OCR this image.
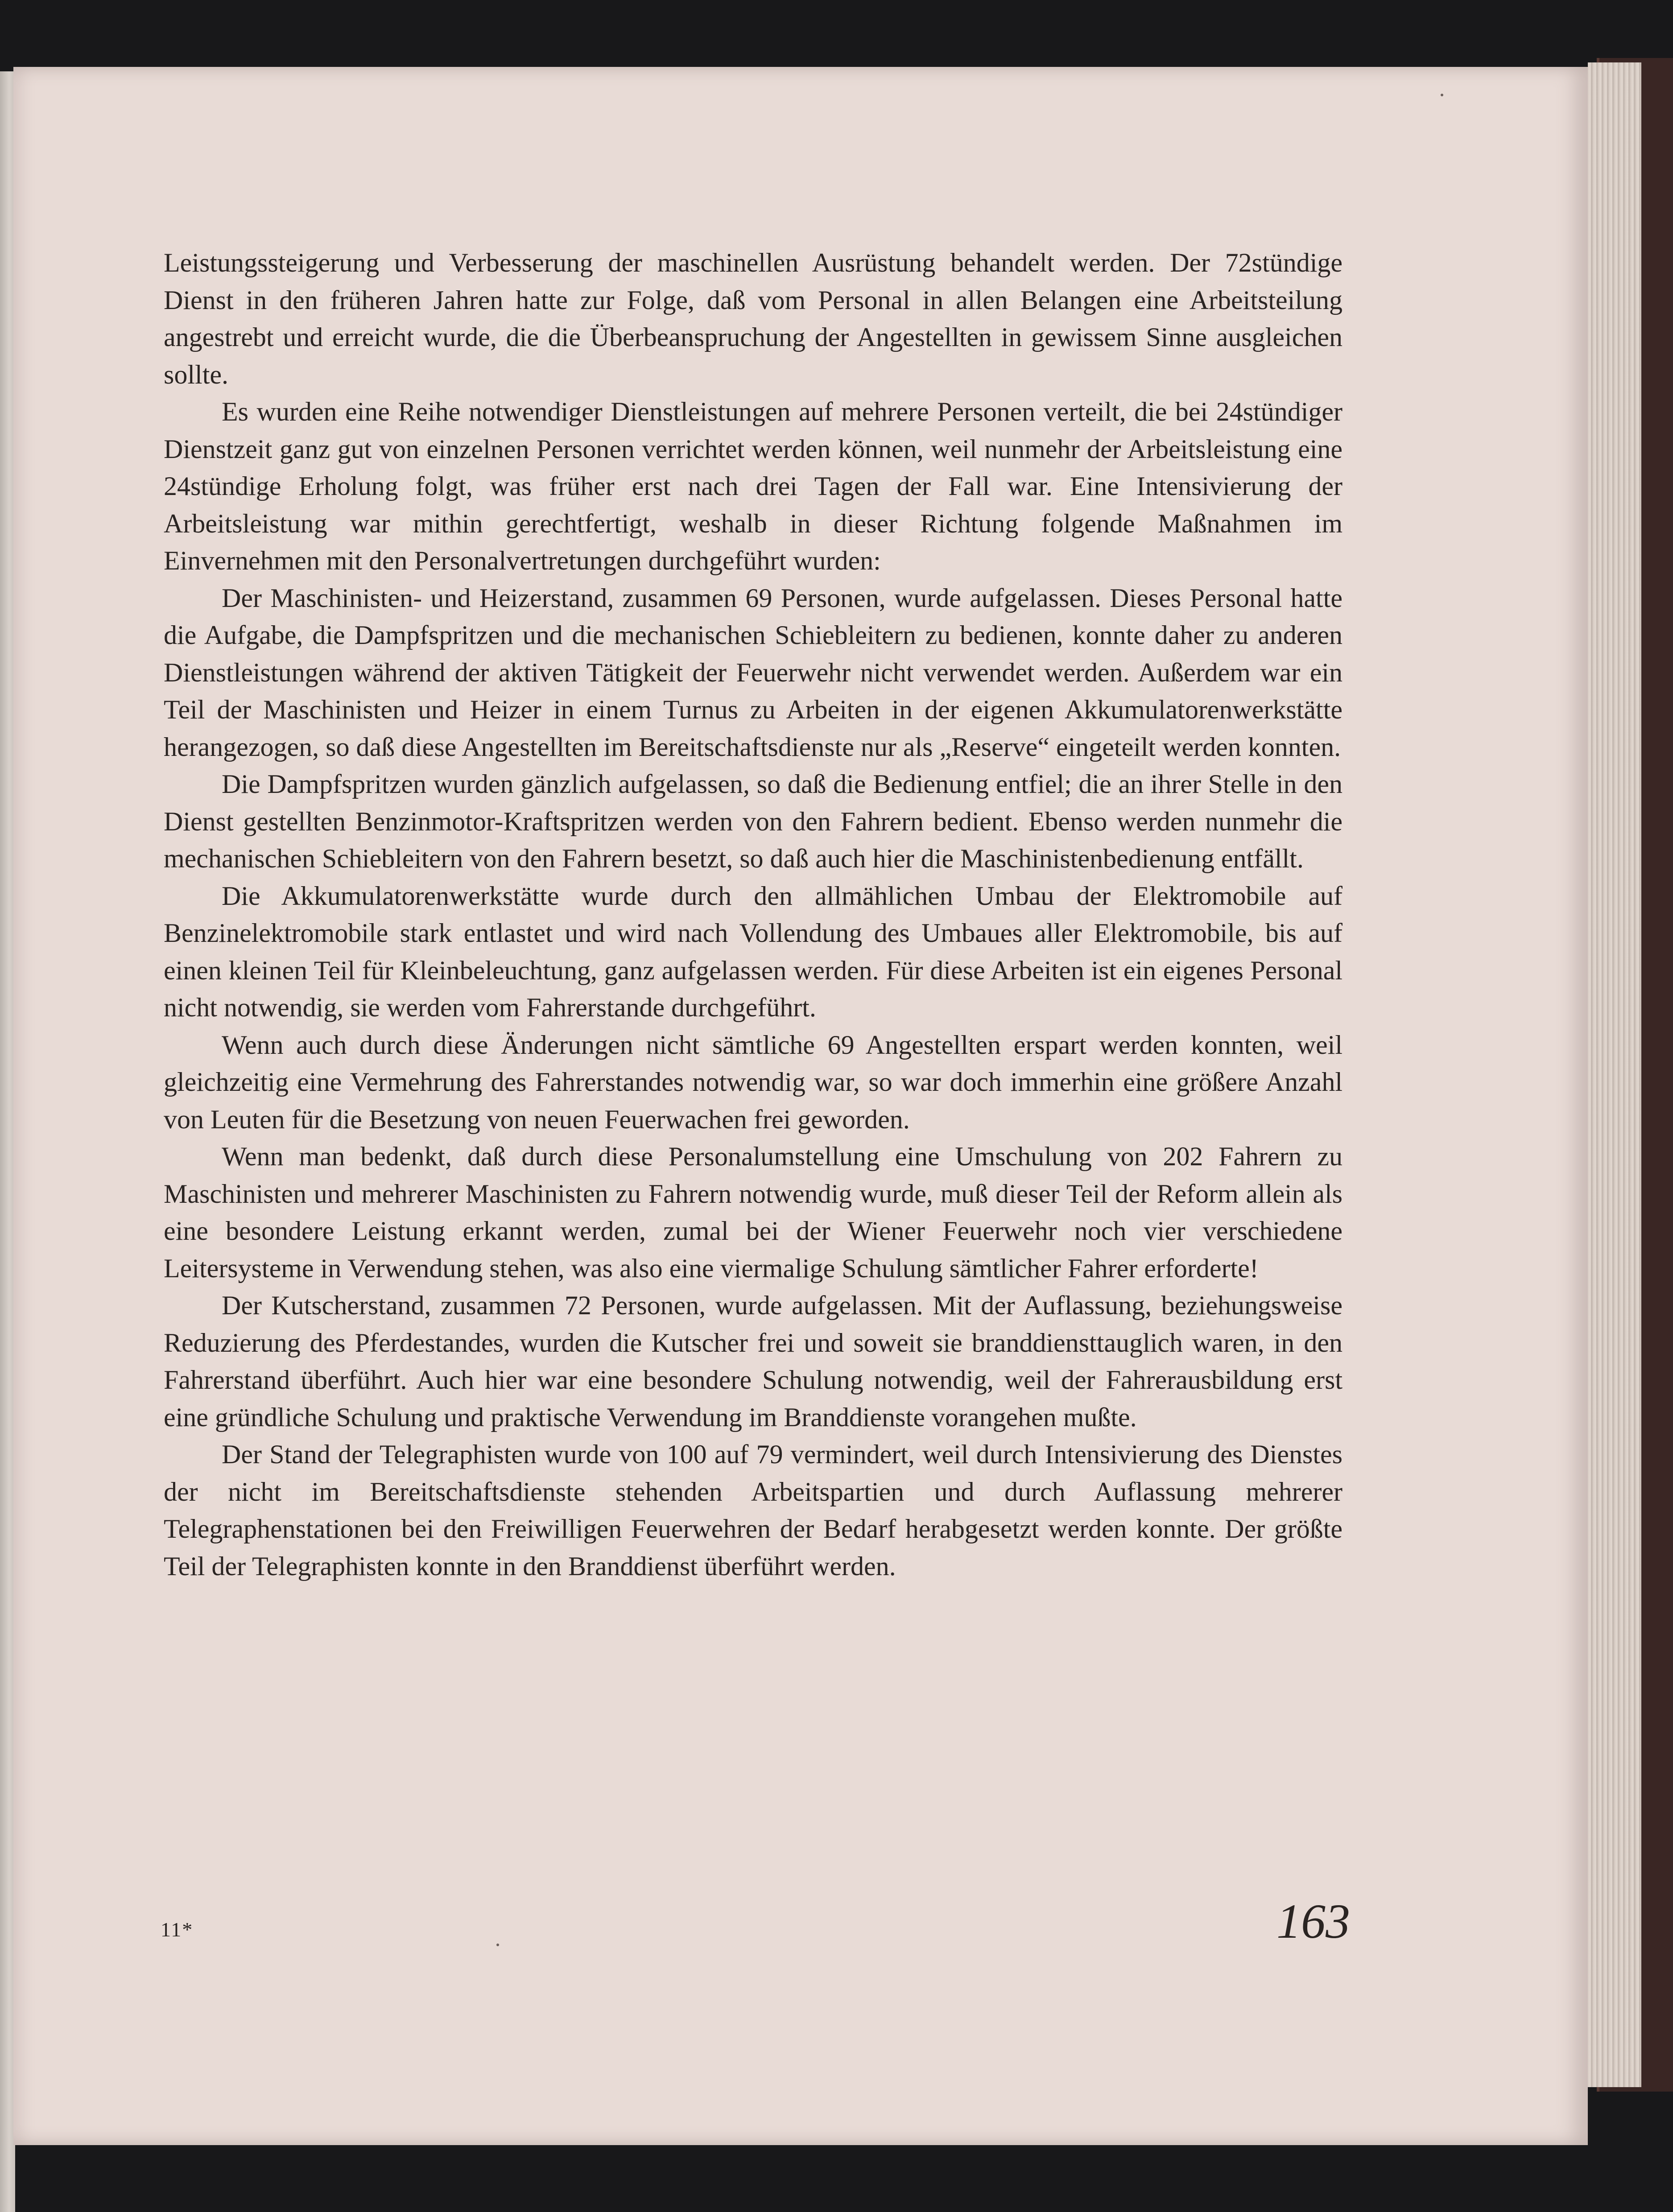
Leistungssteigerung und Verbesserung der maschinellen Ausrüstung behandelt werden. Der 72stündige Dienst in den früheren Jahren hatte zur Folge, daß vom Personal in allen Belangen eine Arbeitsteilung angestrebt und erreicht wurde, die die Überbeanspruchung der Angestellten in gewissem Sinne ausgleichen sollte.

Es wurden eine Reihe notwendiger Dienstleistungen auf mehrere Personen verteilt, die bei 24stündiger Dienstzeit ganz gut von einzelnen Personen verrichtet werden können, weil nunmehr der Arbeitsleistung eine 24stündige Erholung folgt, was früher erst nach drei Tagen der Fall war. Eine Intensivierung der Arbeitsleistung war mithin gerechtfertigt, weshalb in dieser Richtung folgende Maßnahmen im Einvernehmen mit den Personalvertretungen durchgeführt wurden:

Der Maschinisten- und Heizerstand, zusammen 69 Personen, wurde aufgelassen. Dieses Personal hatte die Aufgabe, die Dampfspritzen und die mechanischen Schiebleitern zu bedienen, konnte daher zu anderen Dienstleistungen während der aktiven Tätigkeit der Feuerwehr nicht verwendet werden. Außerdem war ein Teil der Maschinisten und Heizer in einem Turnus zu Arbeiten in der eigenen Akkumulatorenwerkstätte herangezogen, so daß diese Angestellten im Bereitschaftsdienste nur als „Reserve“ eingeteilt werden konnten.

Die Dampfspritzen wurden gänzlich aufgelassen, so daß die Bedienung entfiel; die an ihrer Stelle in den Dienst gestellten Benzinmotor-Kraftspritzen werden von den Fahrern bedient. Ebenso werden nunmehr die mechanischen Schiebleitern von den Fahrern besetzt, so daß auch hier die Maschinistenbedienung entfällt.

Die Akkumulatorenwerkstätte wurde durch den allmählichen Umbau der Elektromobile auf Benzinelektromobile stark entlastet und wird nach Vollendung des Umbaues aller Elektromobile, bis auf einen kleinen Teil für Kleinbeleuchtung, ganz aufgelassen werden. Für diese Arbeiten ist ein eigenes Personal nicht notwendig, sie werden vom Fahrerstande durchgeführt.

Wenn auch durch diese Änderungen nicht sämtliche 69 Angestellten erspart werden konnten, weil gleichzeitig eine Vermehrung des Fahrerstandes notwendig war, so war doch immerhin eine größere Anzahl von Leuten für die Besetzung von neuen Feuerwachen frei geworden.

Wenn man bedenkt, daß durch diese Personalumstellung eine Umschulung von 202 Fahrern zu Maschinisten und mehrerer Maschinisten zu Fahrern notwendig wurde, muß dieser Teil der Reform allein als eine besondere Leistung erkannt werden, zumal bei der Wiener Feuerwehr noch vier verschiedene Leitersysteme in Verwendung stehen, was also eine viermalige Schulung sämtlicher Fahrer erforderte!

Der Kutscherstand, zusammen 72 Personen, wurde aufgelassen. Mit der Auflassung, beziehungsweise Reduzierung des Pferdestandes, wurden die Kutscher frei und soweit sie branddiensttauglich waren, in den Fahrerstand überführt. Auch hier war eine besondere Schulung notwendig, weil der Fahrerausbildung erst eine gründliche Schulung und praktische Verwendung im Branddienste vorangehen mußte.

Der Stand der Telegraphisten wurde von 100 auf 79 vermindert, weil durch Intensivierung des Dienstes der nicht im Bereitschaftsdienste stehenden Arbeitspartien und durch Auflassung mehrerer Telegraphenstationen bei den Freiwilligen Feuerwehren der Bedarf herabgesetzt werden konnte. Der größte Teil der Telegraphisten konnte in den Branddienst überführt werden.

11*	163
